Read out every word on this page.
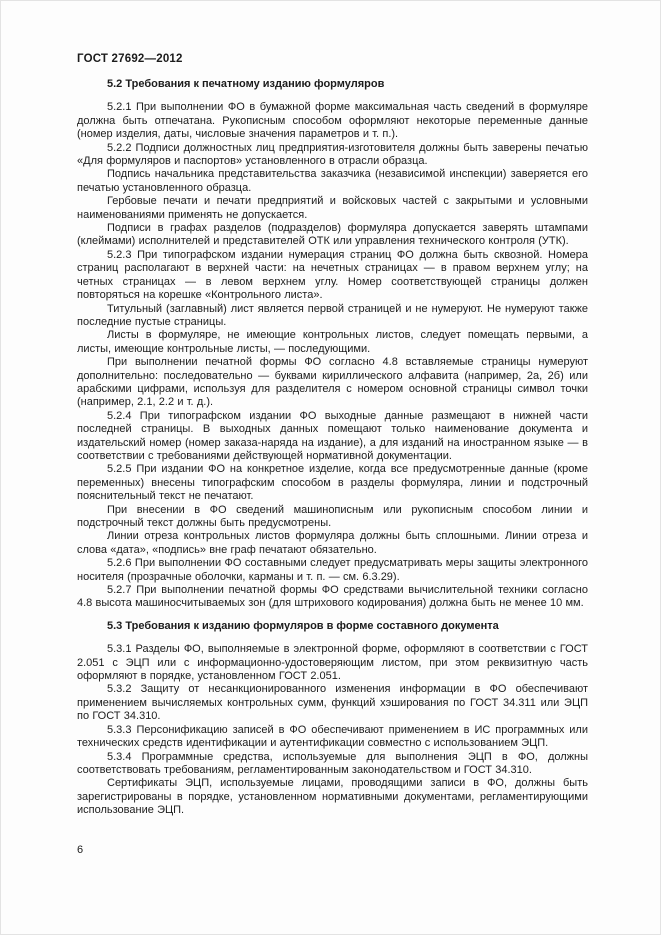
ГОСТ 27692—2012
5.2 Требования к печатному изданию формуляров

5.2.1 При выполнении ФО в бумажной форме максимальная часть сведений в формуляре должна быть отпечатана. Рукописным способом оформляют некоторые переменные данные (номер изделия, даты, числовые значения параметров и т. п.).

5.2.2 Подписи должностных лиц предприятия-изготовителя должны быть заверены печатью «Для формуляров и паспортов» установленного в отрасли образца.

Подпись начальника представительства заказчика (независимой инспекции) заверяется его печатью установленного образца.

Гербовые печати и печати предприятий и войсковых частей с закрытыми и условными наименованиями применять не допускается.

Подписи в графах разделов (подразделов) формуляра допускается заверять штампами (клеймами) исполнителей и представителей ОТК или управления технического контроля (УТК).

5.2.3 При типографском издании нумерация страниц ФО должна быть сквозной. Номера страниц располагают в верхней части: на нечетных страницах — в правом верхнем углу; на четных страницах — в левом верхнем углу. Номер соответствующей страницы должен повторяться на корешке «Контрольного листа».

Титульный (заглавный) лист является первой страницей и не нумеруют. Не нумеруют также последние пустые страницы.

Листы в формуляре, не имеющие контрольных листов, следует помещать первыми, а листы, имеющие контрольные листы, — последующими.

При выполнении печатной формы ФО согласно 4.8 вставляемые страницы нумеруют дополнительно: последовательно — буквами кириллического алфавита (например, 2а, 2б) или арабскими цифрами, используя для разделителя с номером основной страницы символ точки (например, 2.1, 2.2 и т. д.).

5.2.4 При типографском издании ФО выходные данные размещают в нижней части последней страницы. В выходных данных помещают только наименование документа и издательский номер (номер заказа-наряда на издание), а для изданий на иностранном языке — в соответствии с требованиями действующей нормативной документации.

5.2.5 При издании ФО на конкретное изделие, когда все предусмотренные данные (кроме переменных) внесены типографским способом в разделы формуляра, линии и подстрочный пояснительный текст не печатают.

При внесении в ФО сведений машинописным или рукописным способом линии и подстрочный текст должны быть предусмотрены.

Линии отреза контрольных листов формуляра должны быть сплошными. Линии отреза и слова «дата», «подпись» вне граф печатают обязательно.

5.2.6 При выполнении ФО составными следует предусматривать меры защиты электронного носителя (прозрачные оболочки, карманы и т. п. — см. 6.3.29).

5.2.7 При выполнении печатной формы ФО средствами вычислительной техники согласно 4.8 высота машиносчитываемых зон (для штрихового кодирования) должна быть не менее 10 мм.

5.3 Требования к изданию формуляров в форме составного документа

5.3.1 Разделы ФО, выполняемые в электронной форме, оформляют в соответствии с ГОСТ 2.051 с ЭЦП или с информационно-удостоверяющим листом, при этом реквизитную часть оформляют в порядке, установленном ГОСТ 2.051.

5.3.2 Защиту от несанкционированного изменения информации в ФО обеспечивают применением вычисляемых контрольных сумм, функций хэширования по ГОСТ 34.311 или ЭЦП по ГОСТ 34.310.

5.3.3 Персонификацию записей в ФО обеспечивают применением в ИС программных или технических средств идентификации и аутентификации совместно с использованием ЭЦП.

5.3.4 Программные средства, используемые для выполнения ЭЦП в ФО, должны соответствовать требованиям, регламентированным законодательством и ГОСТ 34.310.

Сертификаты ЭЦП, используемые лицами, проводящими записи в ФО, должны быть зарегистрированы в порядке, установленном нормативными документами, регламентирующими использование ЭЦП.

6
